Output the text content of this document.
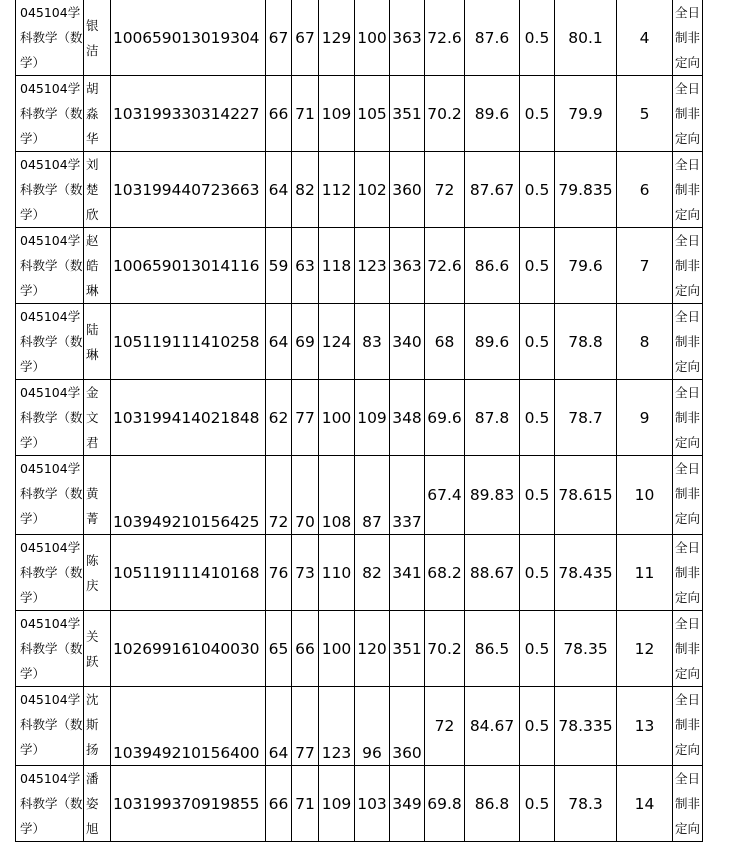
045104学科教学（数学）	银洁	100659013019304	67	67	129	100	363	72.6	87.6	0.5	80.1	4	全日制非定向
045104学科教学（数学）	胡淼华	103199330314227	66	71	109	105	351	70.2	89.6	0.5	79.9	5	全日制非定向
045104学科教学（数学）	刘楚欣	103199440723663	64	82	112	102	360	72	87.67	0.5	79.835	6	全日制非定向
045104学科教学（数学）	赵皓琳	100659013014116	59	63	118	123	363	72.6	86.6	0.5	79.6	7	全日制非定向
045104学科教学（数学）	陆琳	105119111410258	64	69	124	83	340	68	89.6	0.5	78.8	8	全日制非定向
045104学科教学（数学）	金文君	103199414021848	62	77	100	109	348	69.6	87.8	0.5	78.7	9	全日制非定向
045104学科教学（数学）	黄菁	103949210156425	72	70	108	87	337	67.4	89.83	0.5	78.615	10	全日制非定向
045104学科教学（数学）	陈庆	105119111410168	76	73	110	82	341	68.2	88.67	0.5	78.435	11	全日制非定向
045104学科教学（数学）	关跃	102699161040030	65	66	100	120	351	70.2	86.5	0.5	78.35	12	全日制非定向
045104学科教学（数学）	沈斯扬	103949210156400	64	77	123	96	360	72	84.67	0.5	78.335	13	全日制非定向
045104学科教学（数学）	潘姿旭	103199370919855	66	71	109	103	349	69.8	86.8	0.5	78.3	14	全日制非定向
